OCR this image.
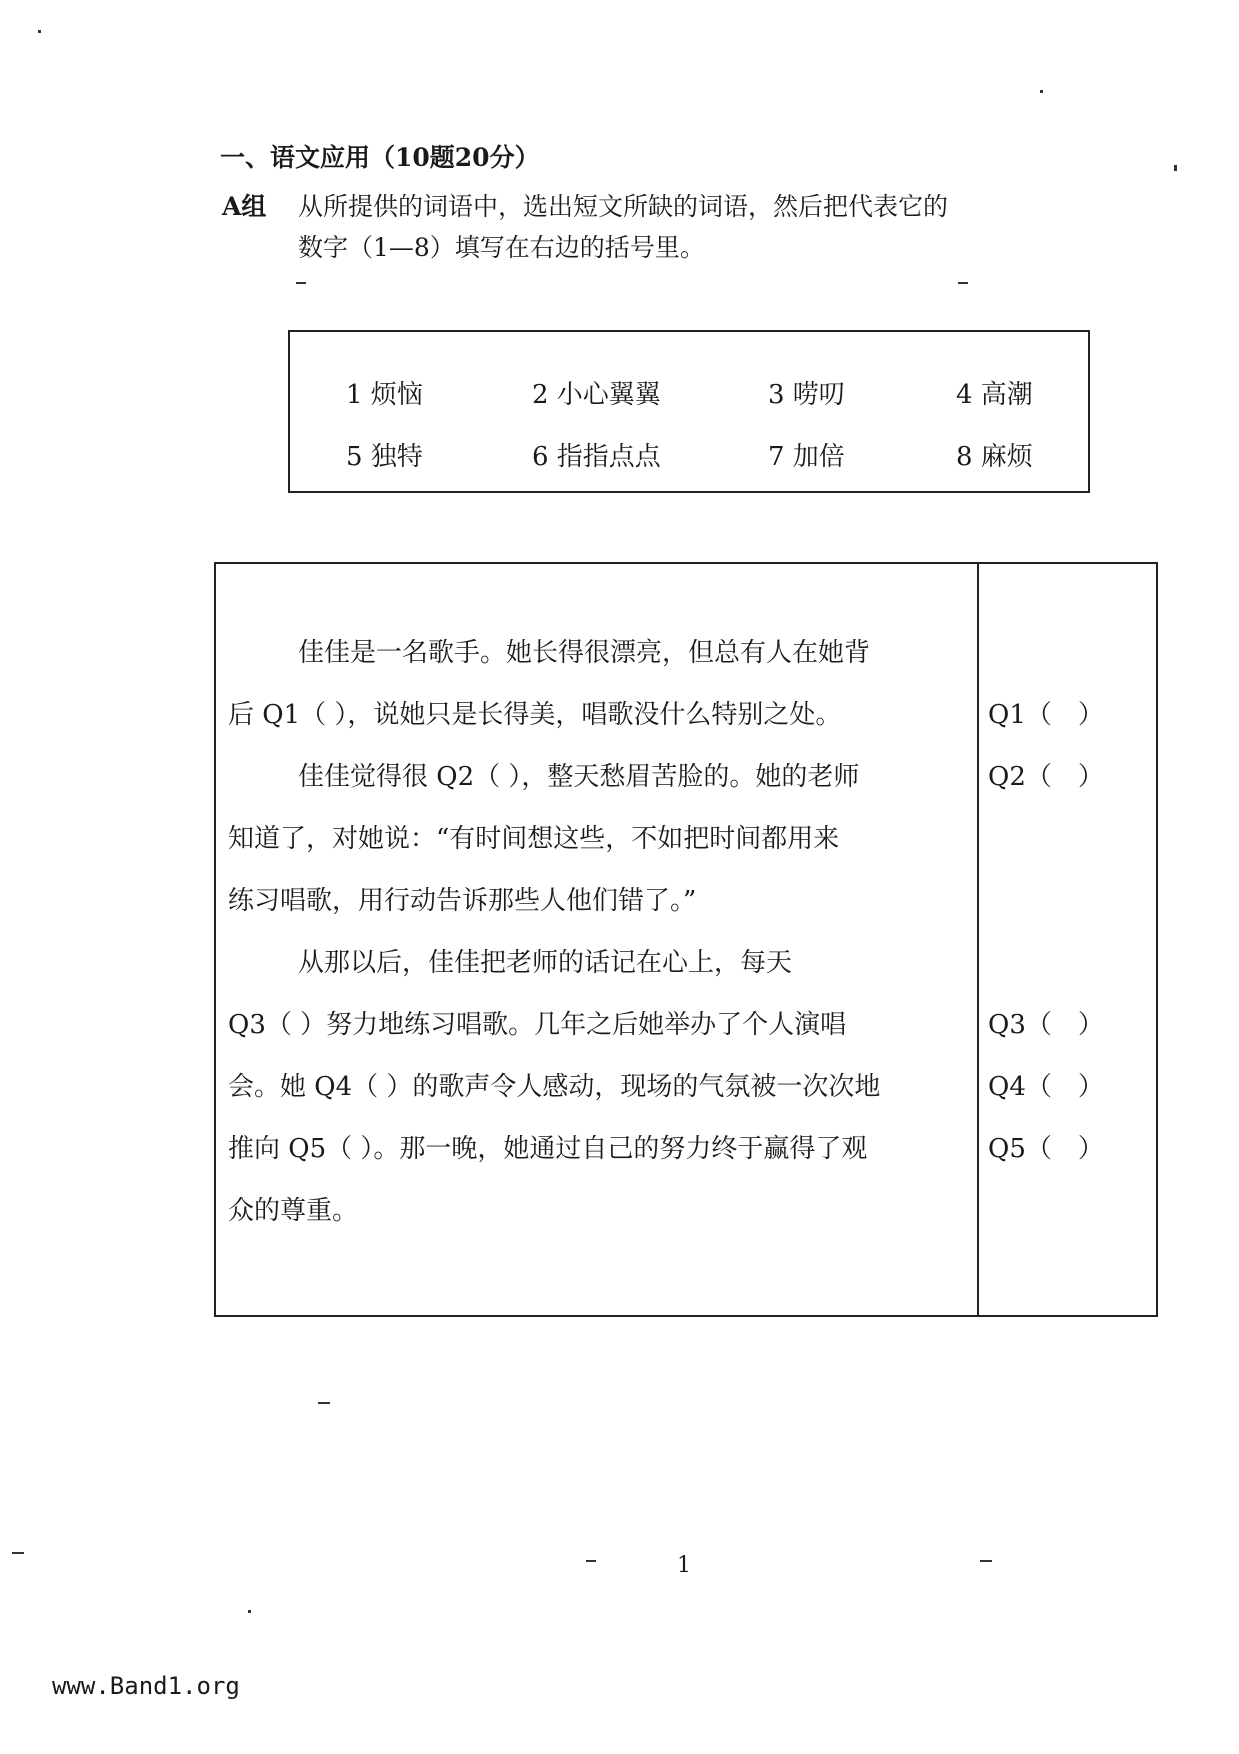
一、语文应用（10题20分）
A组 从所提供的词语中，选出短文所缺的词语，然后把代表它的
数字（1—8）填写在右边的括号里。
1 烦恼	2 小心翼翼	3 唠叨	4 高潮
5 独特	6 指指点点	7 加倍	8 麻烦
佳佳是一名歌手。她长得很漂亮，但总有人在她背
后 Q1（ ），说她只是长得美，唱歌没什么特别之处。
佳佳觉得很 Q2（ ），整天愁眉苦脸的。她的老师
知道了，对她说：“有时间想这些，不如把时间都用来
练习唱歌，用行动告诉那些人他们错了。”
从那以后，佳佳把老师的话记在心上，每天
Q3（ ）努力地练习唱歌。几年之后她举办了个人演唱
会。她 Q4（ ）的歌声令人感动，现场的气氛被一次次地
推向 Q5（ ）。那一晚，她通过自己的努力终于赢得了观
众的尊重。
Q1（　）
Q2（　）
Q3（　）
Q4（　）
Q5（　）
1
www.Band1.org
